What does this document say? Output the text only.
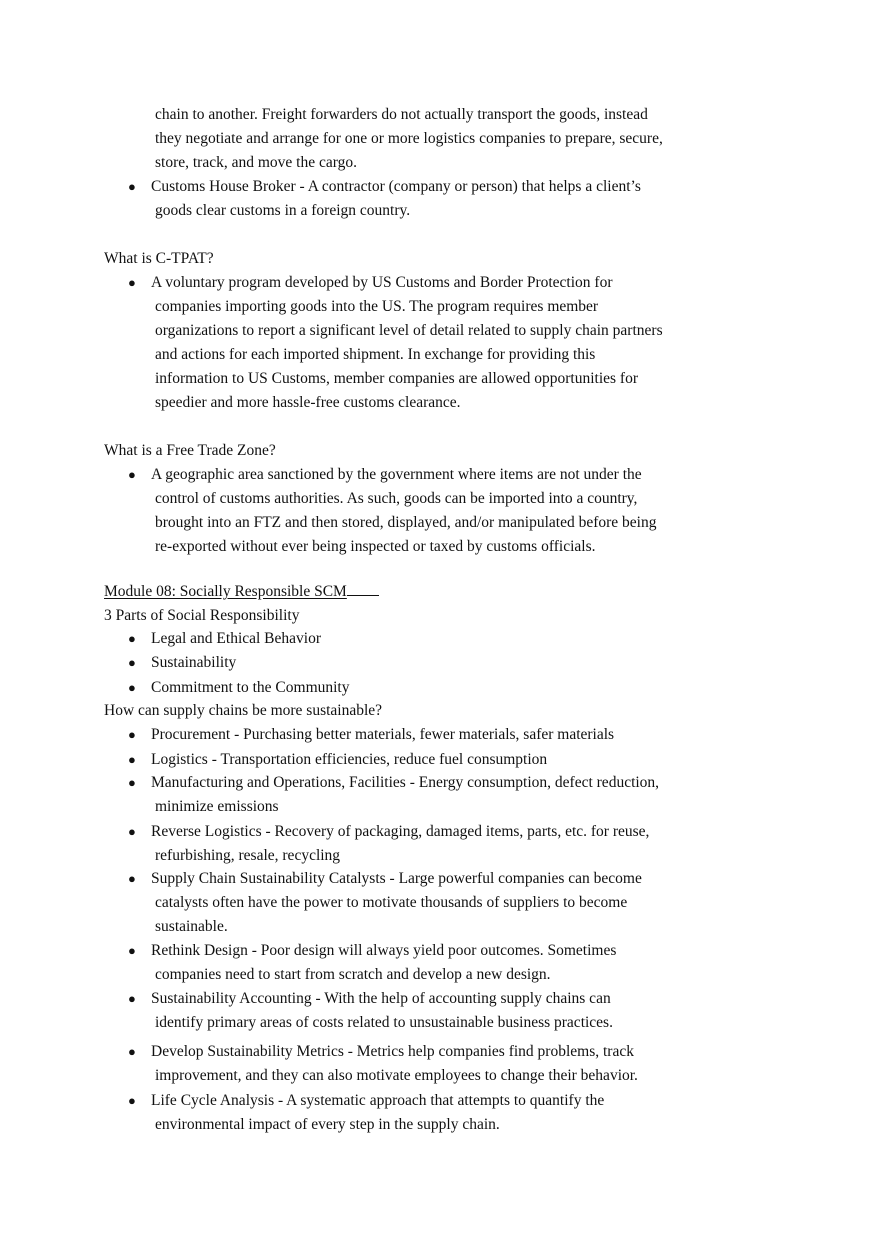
chain to another. Freight forwarders do not actually transport the goods, instead
they negotiate and arrange for one or more logistics companies to prepare, secure,
store, track, and move the cargo.
● Customs House Broker - A contractor (company or person) that helps a client’s
goods clear customs in a foreign country.

What is C-TPAT?

● A voluntary program developed by US Customs and Border Protection for
companies importing goods into the US. The program requires member
organizations to report a significant level of detail related to supply chain partners
and actions for each imported shipment. In exchange for providing this
information to US Customs, member companies are allowed opportunities for
speedier and more hassle-free customs clearance.

What is a Free Trade Zone?

● A geographic area sanctioned by the government where items are not under the
control of customs authorities. As such, goods can be imported into a country,
brought into an FTZ and then stored, displayed, and/or manipulated before being
re-exported without ever being inspected or taxed by customs officials.

Module 08: Socially Responsible SCM

3 Parts of Social Responsibility

● Legal and Ethical Behavior
● Sustainability
● Commitment to the Community

How can supply chains be more sustainable?

● Procurement - Purchasing better materials, fewer materials, safer materials
● Logistics - Transportation efficiencies, reduce fuel consumption
● Manufacturing and Operations, Facilities - Energy consumption, defect reduction,
minimize emissions
● Reverse Logistics - Recovery of packaging, damaged items, parts, etc. for reuse,
refurbishing, resale, recycling
● Supply Chain Sustainability Catalysts - Large powerful companies can become
catalysts often have the power to motivate thousands of suppliers to become
sustainable.
● Rethink Design - Poor design will always yield poor outcomes. Sometimes
companies need to start from scratch and develop a new design.
● Sustainability Accounting - With the help of accounting supply chains can
identify primary areas of costs related to unsustainable business practices.
● Develop Sustainability Metrics - Metrics help companies find problems, track
improvement, and they can also motivate employees to change their behavior.
● Life Cycle Analysis - A systematic approach that attempts to quantify the
environmental impact of every step in the supply chain.
